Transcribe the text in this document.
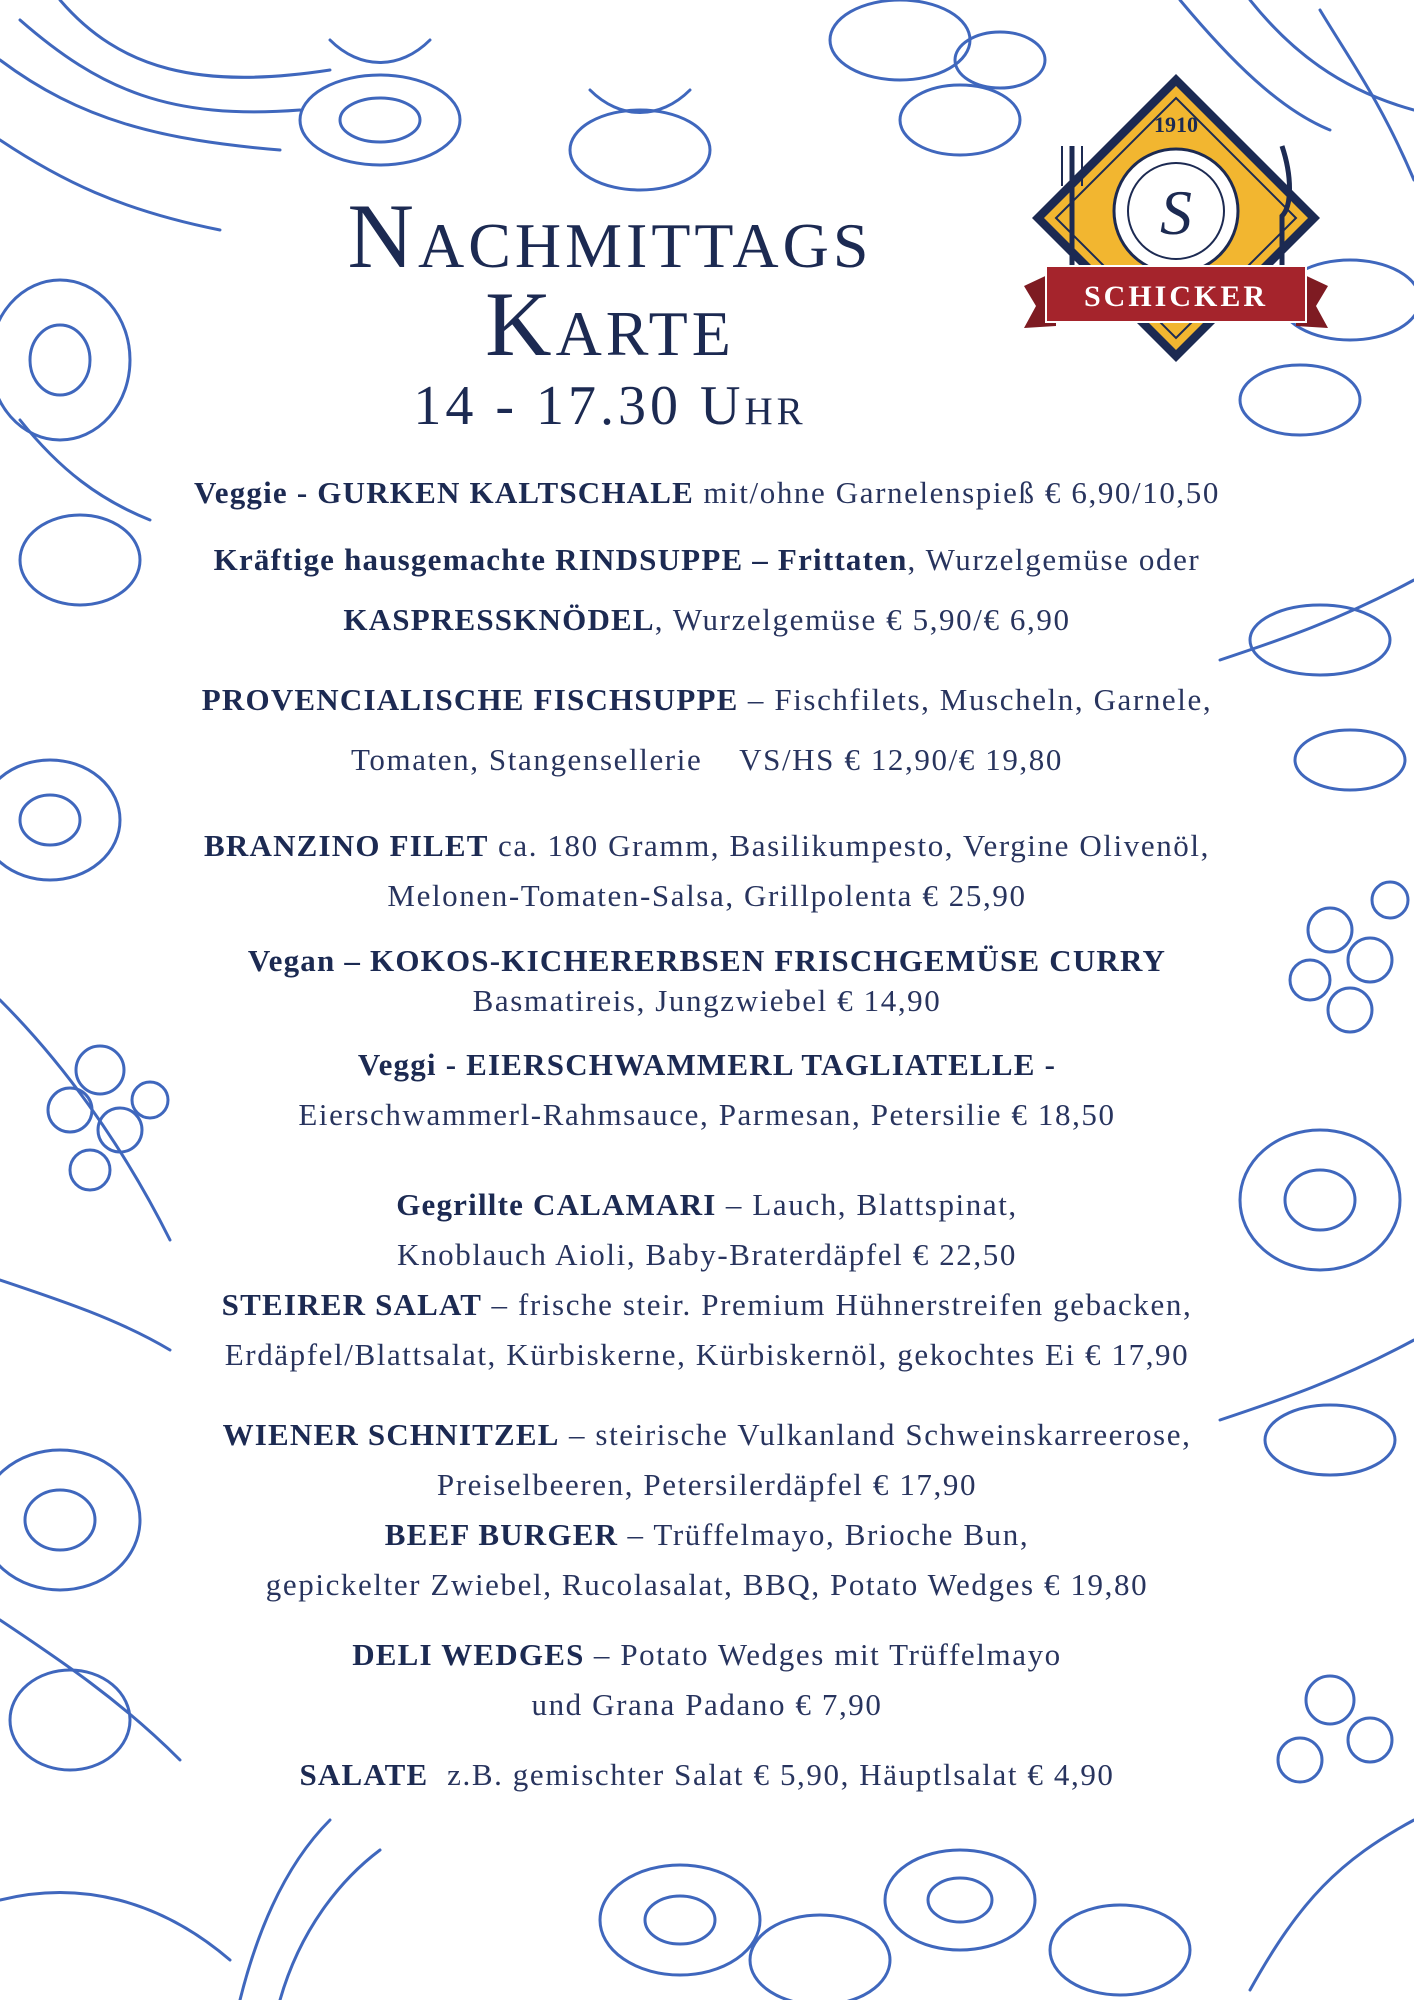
Nachmittags
Karte
14 - 17.30 Uhr
1910
S
SCHICKER
Veggie - GURKEN KALTSCHALE mit/ohne Garnelenspieß € 6,90/10,50
Kräftige hausgemachte RINDSUPPE – Frittaten, Wurzelgemüse oder
KASPRESSKNÖDEL, Wurzelgemüse € 5,90/€ 6,90
PROVENCIALISCHE FISCHSUPPE – Fischfilets, Muscheln, Garnele,
Tomaten, Stangensellerie    VS/HS € 12,90/€ 19,80
BRANZINO FILET ca. 180 Gramm, Basilikumpesto, Vergine Olivenöl,
Melonen-Tomaten-Salsa, Grillpolenta € 25,90
Vegan – KOKOS-KICHERERBSEN FRISCHGEMÜSE CURRY
Basmatireis, Jungzwiebel € 14,90
Veggi - EIERSCHWAMMERL TAGLIATELLE -
Eierschwammerl-Rahmsauce, Parmesan, Petersilie € 18,50
Gegrillte CALAMARI – Lauch, Blattspinat,
Knoblauch Aioli, Baby-Braterdäpfel € 22,50
STEIRER SALAT – frische steir. Premium Hühnerstreifen gebacken,
Erdäpfel/Blattsalat, Kürbiskerne, Kürbiskernöl, gekochtes Ei € 17,90
WIENER SCHNITZEL – steirische Vulkanland Schweinskarreerose,
Preiselbeeren, Petersilerdäpfel € 17,90
BEEF BURGER – Trüffelmayo, Brioche Bun,
gepickelter Zwiebel, Rucolasalat, BBQ, Potato Wedges € 19,80
DELI WEDGES – Potato Wedges mit Trüffelmayo
und Grana Padano € 7,90
SALATE  z.B. gemischter Salat € 5,90, Häuptlsalat € 4,90
